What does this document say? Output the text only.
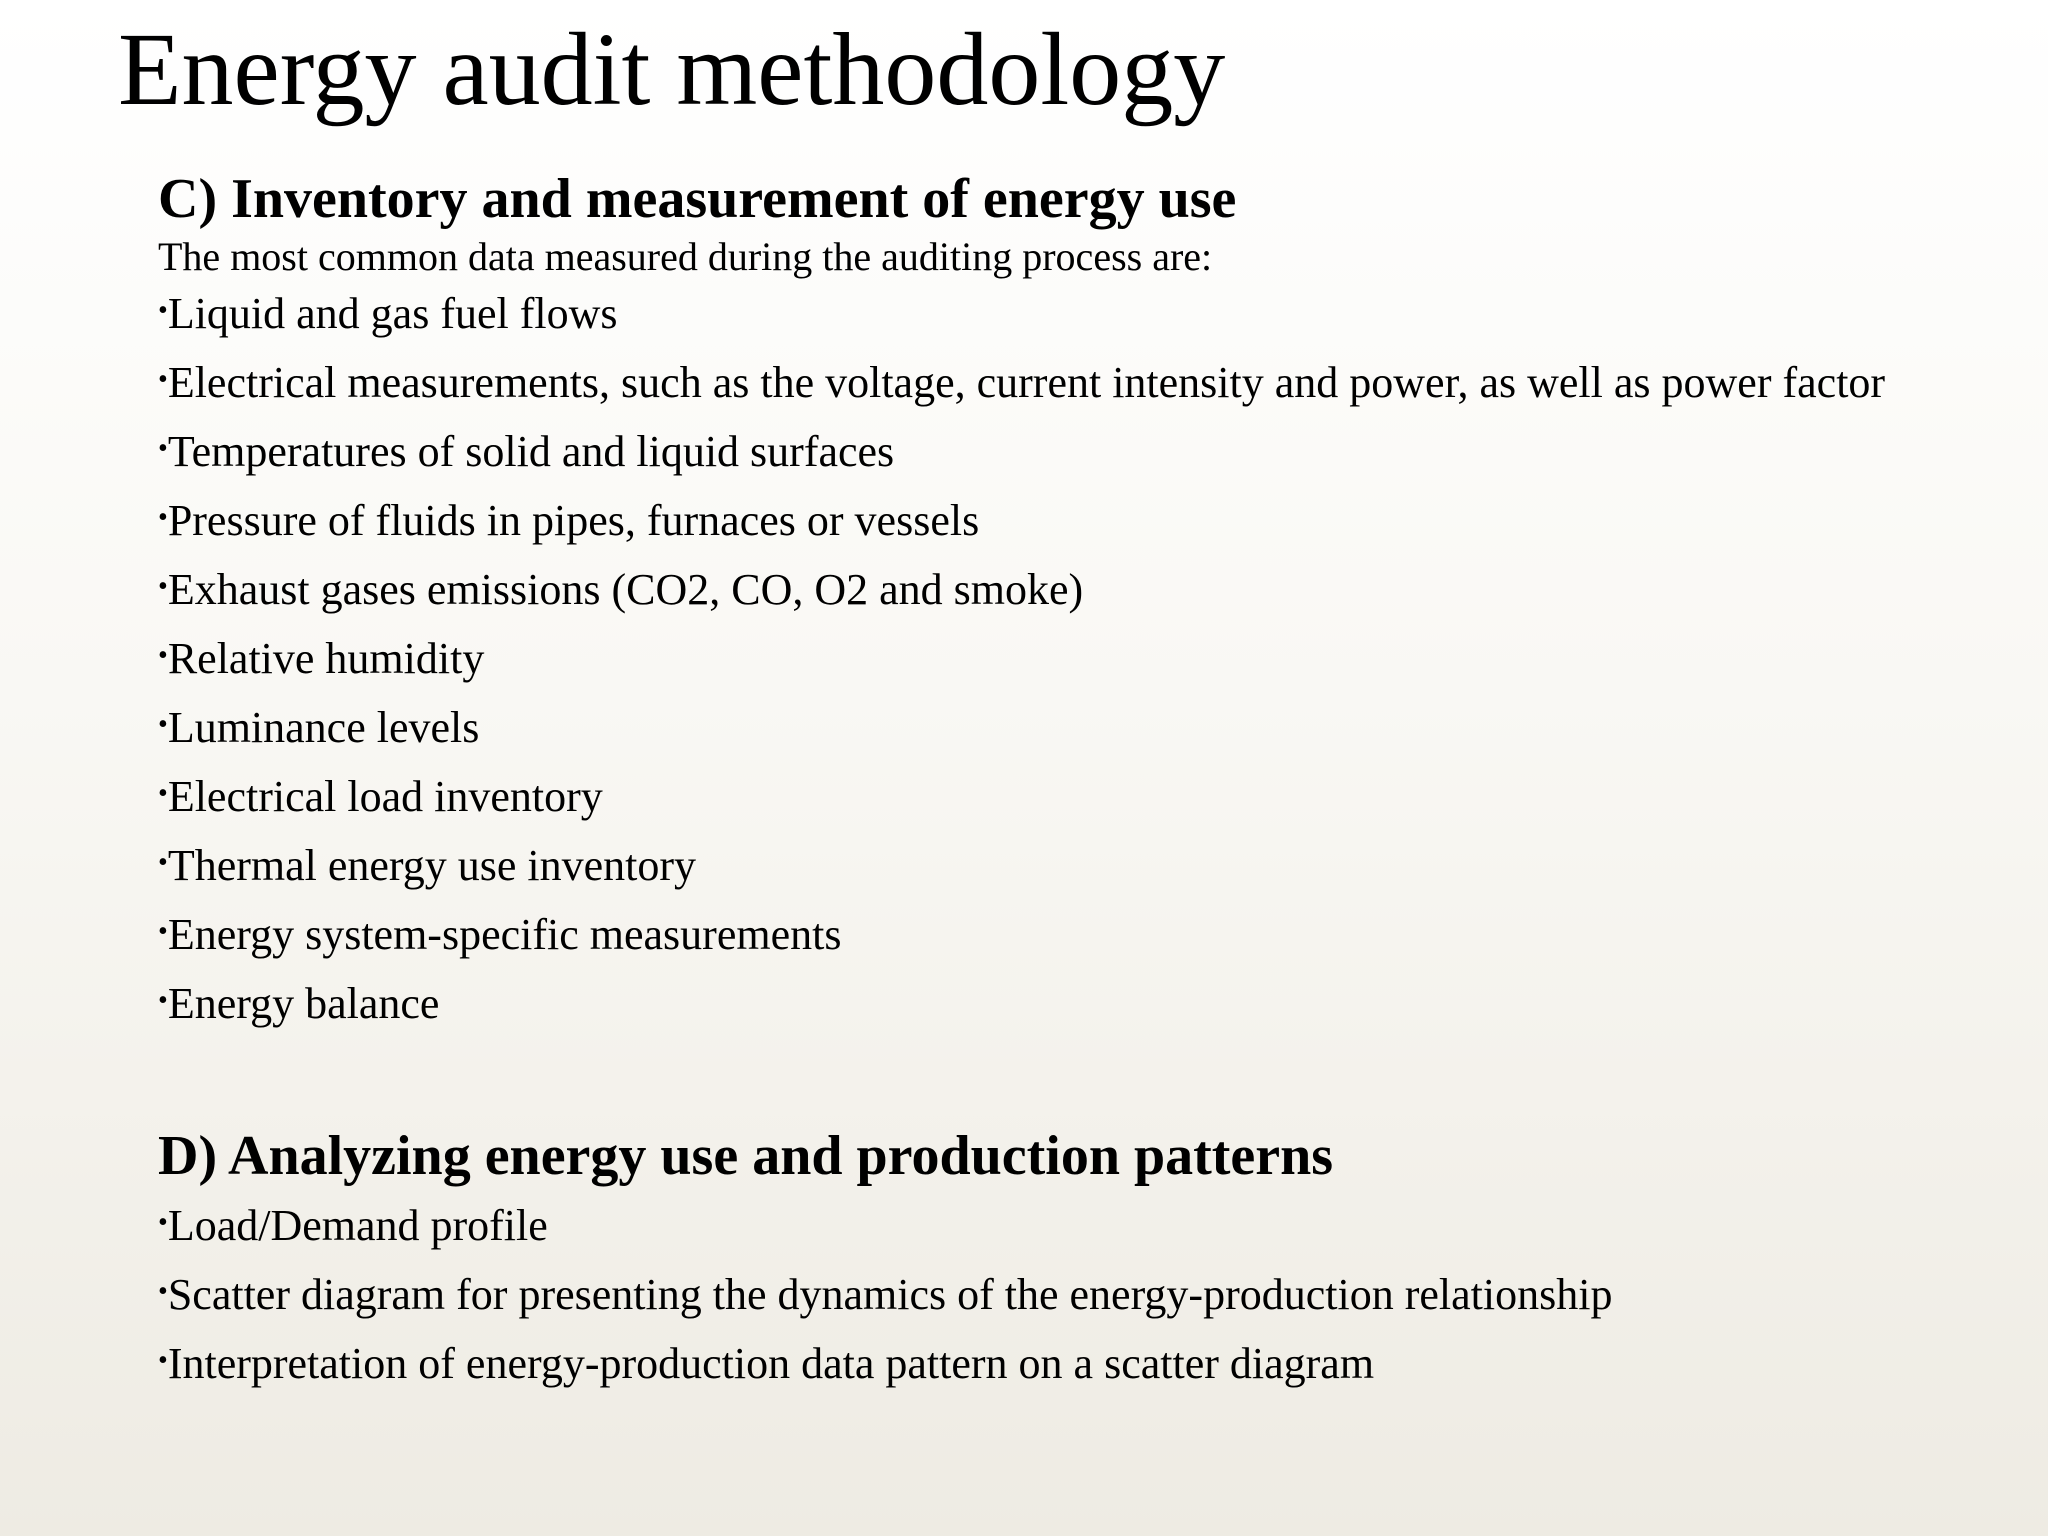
Energy audit methodology
C) Inventory and measurement of energy use

The most common data measured during the auditing process are:

•Liquid and gas fuel flows
•Electrical measurements, such as the voltage, current intensity and power, as well as power factor
•Temperatures of solid and liquid surfaces
•Pressure of fluids in pipes, furnaces or vessels
•Exhaust gases emissions (CO2, CO, O2 and smoke)
•Relative humidity
•Luminance levels
•Electrical load inventory
•Thermal energy use inventory
•Energy system-specific measurements
•Energy balance
D) Analyzing energy use and production patterns
•Load/Demand profile
•Scatter diagram for presenting the dynamics of the energy-production relationship
•Interpretation of energy-production data pattern on a scatter diagram
